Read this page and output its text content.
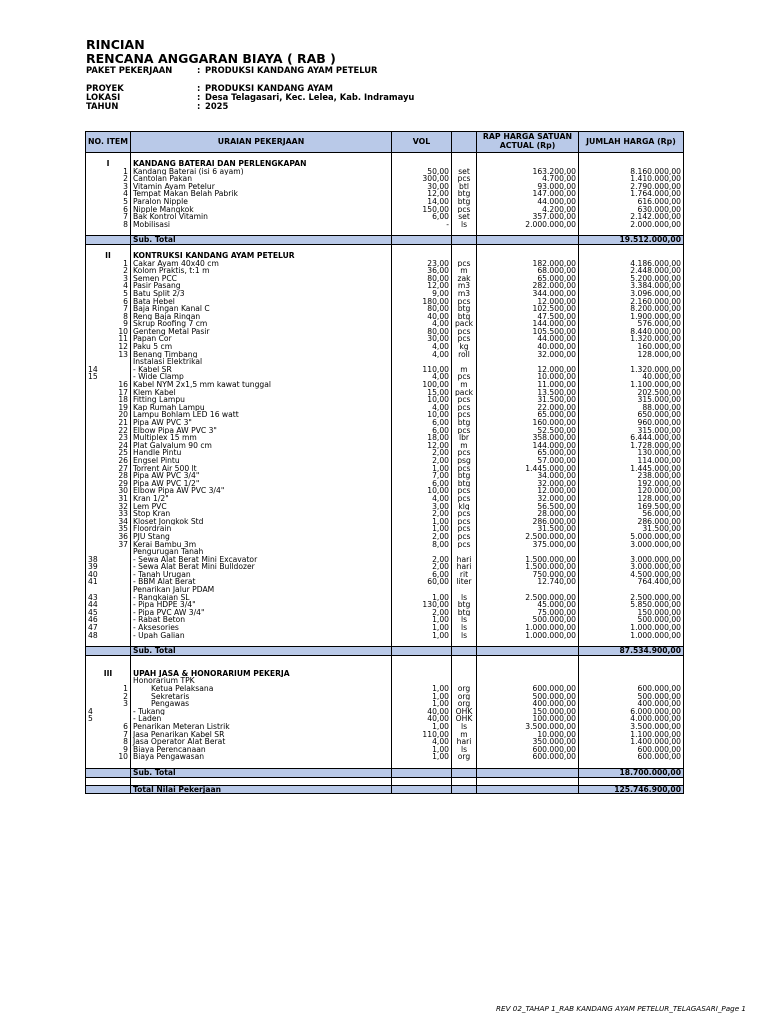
RINCIAN
RENCANA ANGGARAN BIAYA ( RAB )
PAKET PEKERJAAN	: PRODUKSI KANDANG AYAM PETELUR
PROYEK	: PRODUKSI KANDANG AYAM
LOKASI	: Desa Telagasari, Kec. Lelea, Kab. Indramayu
TAHUN	: 2025
NO. ITEM	URAIAN PEKERJAAN	VOL		RAP HARGA SATUAN ACTUAL (Rp)	JUMLAH HARGA (Rp)

I	KANDANG BATERAI DAN PERLENGKAPAN				
1	Kandang Baterai (isi 6 ayam)	50,00	set	163.200,00	8.160.000,00
2	Cantolan Pakan	300,00	pcs	4.700,00	1.410.000,00
3	Vitamin Ayam Petelur	30,00	btl	93.000,00	2.790.000,00
4	Tempat Makan Belah Pabrik	12,00	btg	147.000,00	1.764.000,00
5	Paralon Nipple	14,00	btg	44.000,00	616.000,00
6	Nipple Mangkok	150,00	pcs	4.200,00	630.000,00
7	Bak Kontrol Vitamin	6,00	set	357.000,00	2.142.000,00
8	Mobilisasi	-	ls	2.000.000,00	2.000.000,00

	Sub. Total				19.512.000,00

II	KONTRUKSI KANDANG AYAM PETELUR				
1	Cakar Ayam 40x40 cm	23,00	pcs	182.000,00	4.186.000,00
2	Kolom Praktis, t:1 m	36,00	m	68.000,00	2.448.000,00
3	Semen PCC	80,00	zak	65.000,00	5.200.000,00
4	Pasir Pasang	12,00	m3	282.000,00	3.384.000,00
5	Batu Split 2/3	9,00	m3	344.000,00	3.096.000,00
6	Bata Hebel	180,00	pcs	12.000,00	2.160.000,00
7	Baja Ringan Kanal C	80,00	btg	102.500,00	8.200.000,00
8	Reng Baja Ringan	40,00	btg	47.500,00	1.900.000,00
9	Skrup Roofing 7 cm	4,00	pack	144.000,00	576.000,00
10	Genteng Metal Pasir	80,00	pcs	105.500,00	8.440.000,00
11	Papan Cor	30,00	pcs	44.000,00	1.320.000,00
12	Paku 5 cm	4,00	kg	40.000,00	160.000,00
13	Benang Timbang	4,00	roll	32.000,00	128.000,00
	Instalasi Elektrikal				
14	- Kabel SR	110,00	m	12.000,00	1.320.000,00
15	- Wide Clamp	4,00	pcs	10.000,00	40.000,00
16	Kabel NYM 2x1,5 mm kawat tunggal	100,00	m	11.000,00	1.100.000,00
17	Klem Kabel	15,00	pack	13.500,00	202.500,00
18	Fitting Lampu	10,00	pcs	31.500,00	315.000,00
19	Kap Rumah Lampu	4,00	pcs	22.000,00	88.000,00
20	Lampu Bohlam LED 16 watt	10,00	pcs	65.000,00	650.000,00
21	Pipa AW PVC 3"	6,00	btg	160.000,00	960.000,00
22	Elbow Pipa AW PVC 3"	6,00	pcs	52.500,00	315.000,00
23	Multiplex 15 mm	18,00	lbr	358.000,00	6.444.000,00
24	Plat Galvalum 90 cm	12,00	m	144.000,00	1.728.000,00
25	Handle Pintu	2,00	pcs	65.000,00	130.000,00
26	Engsel Pintu	2,00	psg	57.000,00	114.000,00
27	Torrent Air 500 lt	1,00	pcs	1.445.000,00	1.445.000,00
28	Pipa AW PVC 3/4"	7,00	btg	34.000,00	238.000,00
29	Pipa AW PVC 1/2"	6,00	btg	32.000,00	192.000,00
30	Elbow Pipa AW PVC 3/4"	10,00	pcs	12.000,00	120.000,00
31	Kran 1/2"	4,00	pcs	32.000,00	128.000,00
32	Lem PVC	3,00	klg	56.500,00	169.500,00
33	Stop Kran	2,00	pcs	28.000,00	56.000,00
34	Kloset Jongkok Std	1,00	pcs	286.000,00	286.000,00
35	Floordrain	1,00	pcs	31.500,00	31.500,00
36	PJU Stang	2,00	pcs	2.500.000,00	5.000.000,00
37	Kerai Bambu 3m	8,00	pcs	375.000,00	3.000.000,00
	Pengurugan Tanah				
38	- Sewa Alat Berat Mini Excavator	2,00	hari	1.500.000,00	3.000.000,00
39	- Sewa Alat Berat Mini Bulldozer	2,00	hari	1.500.000,00	3.000.000,00
40	- Tanah Urugan	6,00	rit	750.000,00	4.500.000,00
41	- BBM Alat Berat	60,00	liter	12.740,00	764.400,00
	Penarikan Jalur PDAM				
43	- Rangkaian SL	1,00	ls	2.500.000,00	2.500.000,00
44	- Pipa HDPE 3/4"	130,00	btg	45.000,00	5.850.000,00
45	- Pipa PVC AW 3/4"	2,00	btg	75.000,00	150.000,00
46	- Rabat Beton	1,00	ls	500.000,00	500.000,00
47	- Aksesories	1,00	ls	1.000.000,00	1.000.000,00
48	- Upah Galian	1,00	ls	1.000.000,00	1.000.000,00

	Sub. Total				87.534.900,00

III	UPAH JASA & HONORARIUM PEKERJA				
	Honorarium TPK				
1	Ketua Pelaksana	1,00	org	600.000,00	600.000,00
2	Sekretaris	1,00	org	500.000,00	500.000,00
3	Pengawas	1,00	org	400.000,00	400.000,00
4	- Tukang	40,00	OHK	150.000,00	6.000.000,00
5	- Laden	40,00	OHK	100.000,00	4.000.000,00
6	Penarikan Meteran Listrik	1,00	ls	3.500.000,00	3.500.000,00
7	Jasa Penarikan Kabel SR	110,00	m	10.000,00	1.100.000,00
8	Jasa Operator Alat Berat	4,00	hari	350.000,00	1.400.000,00
9	Biaya Perencanaan	1,00	ls	600.000,00	600.000,00
10	Biaya Pengawasan	1,00	org	600.000,00	600.000,00

	Sub. Total				18.700.000,00

	Total Nilai Pekerjaan				125.746.900,00
REV 02_TAHAP 1_RAB KANDANG AYAM PETELUR_TELAGASARI_Page 1
